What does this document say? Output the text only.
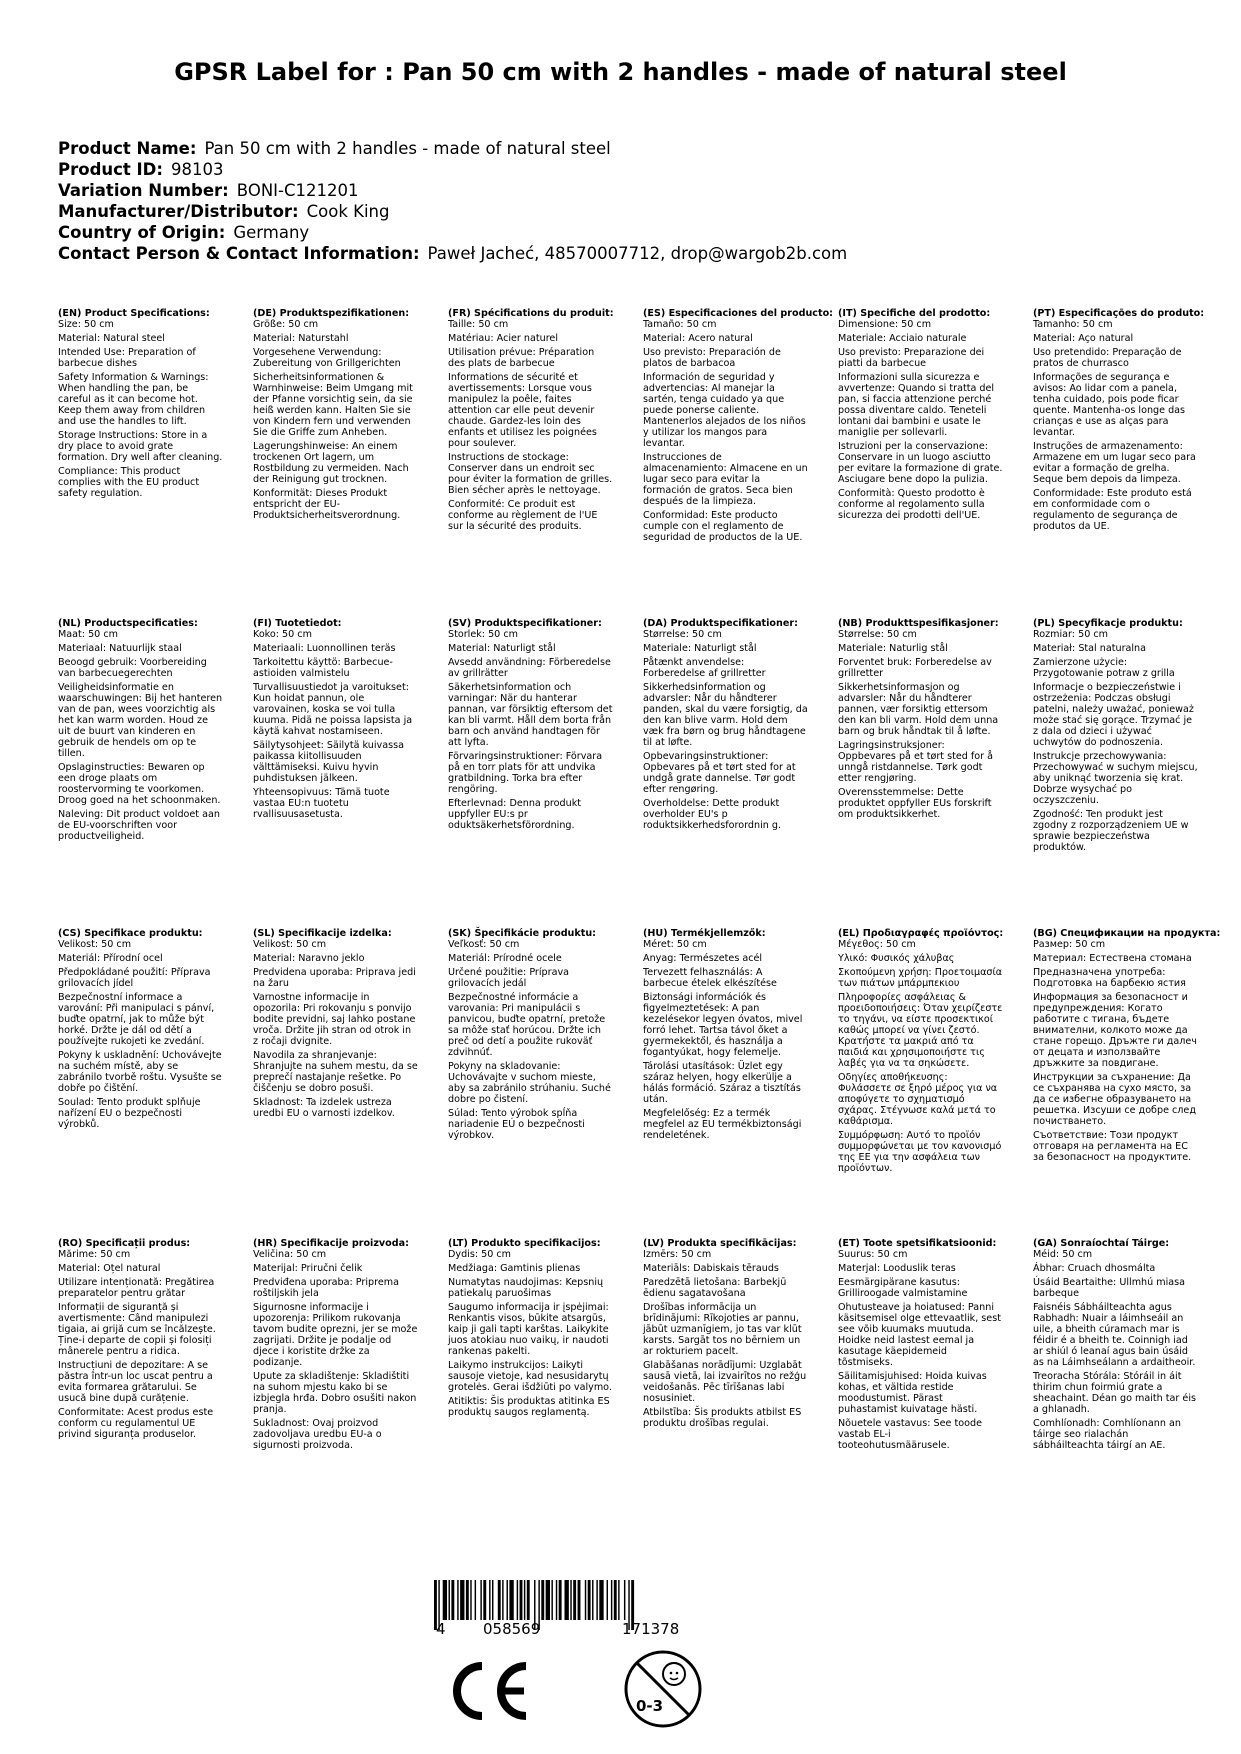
GPSR Label for : Pan 50 cm with 2 handles - made of natural steel
Product Name: Pan 50 cm with 2 handles - made of natural steel
Product ID: 98103
Variation Number: BONI-C121201
Manufacturer/Distributor: Cook King
Country of Origin: Germany
Contact Person & Contact Information: Paweł Jacheć, 48570007712, drop@wargob2b.com
(EN) Product Specifications:
Size: 50 cm
Material: Natural steel
Intended Use: Preparation of barbecue dishes
Safety Information & Warnings: When handling the pan, be careful as it can become hot. Keep them away from children and use the handles to lift.
Storage Instructions: Store in a dry place to avoid grate formation. Dry well after cleaning.
Compliance: This product complies with the EU product safety regulation.
(DE) Produktspezifikationen:
Größe: 50 cm
Material: Naturstahl
Vorgesehene Verwendung: Zubereitung von Grillgerichten
Sicherheitsinformationen & Warnhinweise: Beim Umgang mit der Pfanne vorsichtig sein, da sie heiß werden kann. Halten Sie sie von Kindern fern und verwenden Sie die Griffe zum Anheben.
Lagerungshinweise: An einem trockenen Ort lagern, um Rostbildung zu vermeiden. Nach der Reinigung gut trocknen.
Konformität: Dieses Produkt entspricht der EU-Produktsicherheitsverordnung.
(FR) Spécifications du produit:
Taille: 50 cm
Matériau: Acier naturel
Utilisation prévue: Préparation des plats de barbecue
Informations de sécurité et avertissements: Lorsque vous manipulez la poêle, faites attention car elle peut devenir chaude. Gardez-les loin des enfants et utilisez les poignées pour soulever.
Instructions de stockage: Conserver dans un endroit sec pour éviter la formation de grilles. Bien sécher après le nettoyage.
Conformité: Ce produit est conforme au règlement de l'UE sur la sécurité des produits.
(ES) Especificaciones del producto:
Tamaño: 50 cm
Material: Acero natural
Uso previsto: Preparación de platos de barbacoa
Información de seguridad y advertencias: Al manejar la sartén, tenga cuidado ya que puede ponerse caliente. Mantenerlos alejados de los niños y utilizar los mangos para levantar.
Instrucciones de almacenamiento: Almacene en un lugar seco para evitar la formación de gratos. Seca bien después de la limpieza.
Conformidad: Este producto cumple con el reglamento de seguridad de productos de la UE.
(IT) Specifiche del prodotto:
Dimensione: 50 cm
Materiale: Acciaio naturale
Uso previsto: Preparazione dei piatti da barbecue
Informazioni sulla sicurezza e avvertenze: Quando si tratta del pan, si faccia attenzione perché possa diventare caldo. Teneteli lontani dai bambini e usate le maniglie per sollevarli.
Istruzioni per la conservazione: Conservare in un luogo asciutto per evitare la formazione di grate. Asciugare bene dopo la pulizia.
Conformità: Questo prodotto è conforme al regolamento sulla sicurezza dei prodotti dell'UE.
(PT) Especificações do produto:
Tamanho: 50 cm
Material: Aço natural
Uso pretendido: Preparação de pratos de churrasco
Informações de segurança e avisos: Ao lidar com a panela, tenha cuidado, pois pode ficar quente. Mantenha-os longe das crianças e use as alças para levantar.
Instruções de armazenamento: Armazene em um lugar seco para evitar a formação de grelha. Seque bem depois da limpeza.
Conformidade: Este produto está em conformidade com o regulamento de segurança de produtos da UE.
(NL) Productspecificaties:
Maat: 50 cm
Materiaal: Natuurlijk staal
Beoogd gebruik: Voorbereiding van barbecuegerechten
Veiligheidsinformatie en waarschuwingen: Bij het hanteren van de pan, wees voorzichtig als het kan warm worden. Houd ze uit de buurt van kinderen en gebruik de hendels om op te tillen.
Opslaginstructies: Bewaren op een droge plaats om roostervorming te voorkomen. Droog goed na het schoonmaken.
Naleving: Dit product voldoet aan de EU-voorschriften voor productveiligheid.
(FI) Tuotetiedot:
Koko: 50 cm
Materiaali: Luonnollinen teräs
Tarkoitettu käyttö: Barbecue-astioiden valmistelu
Turvallisuustiedot ja varoitukset: Kun hoidat pannun, ole varovainen, koska se voi tulla kuuma. Pidä ne poissa lapsista ja käytä kahvat nostamiseen.
Säilytysohjeet: Säilytä kuivassa paikassa kiitollisuuden välttämiseksi. Kuivu hyvin puhdistuksen jälkeen.
Yhteensopivuus: Tämä tuote vastaa EU:n tuotetu rvallisuusasetusta.
(SV) Produktspecifikationer:
Storlek: 50 cm
Material: Naturligt stål
Avsedd användning: Förberedelse av grillrätter
Säkerhetsinformation och varningar: När du hanterar pannan, var försiktig eftersom det kan bli varmt. Håll dem borta från barn och använd handtagen för att lyfta.
Förvaringsinstruktioner: Förvara på en torr plats för att undvika gratbildning. Torka bra efter rengöring.
Efterlevnad: Denna produkt uppfyller EU:s pr oduktsäkerhetsförordning.
(DA) Produktspecifikationer:
Størrelse: 50 cm
Materiale: Naturligt stål
Påtænkt anvendelse: Forberedelse af grillretter
Sikkerhedsinformation og advarsler: Når du håndterer panden, skal du være forsigtig, da den kan blive varm. Hold dem væk fra børn og brug håndtagene til at løfte.
Opbevaringsinstruktioner: Opbevares på et tørt sted for at undgå grate dannelse. Tør godt efter rengøring.
Overholdelse: Dette produkt overholder EU's p roduktsikkerhedsforordnin g.
(NB) Produkttspesifikasjoner:
Størrelse: 50 cm
Materiale: Naturlig stål
Forventet bruk: Forberedelse av grillretter
Sikkerhetsinformasjon og advarsler: Når du håndterer pannen, vær forsiktig ettersom den kan bli varm. Hold dem unna barn og bruk håndtak til å løfte.
Lagringsinstruksjoner: Oppbevares på et tørt sted for å unngå ristdannelse. Tørk godt etter rengjøring.
Overensstemmelse: Dette produktet oppfyller EUs forskrift om produktsikkerhet.
(PL) Specyfikacje produktu:
Rozmiar: 50 cm
Materiał: Stal naturalna
Zamierzone użycie: Przygotowanie potraw z grilla
Informacje o bezpieczeństwie i ostrzeżenia: Podczas obsługi patelni, należy uważać, ponieważ może stać się gorące. Trzymać je z dala od dzieci i używać uchwytów do podnoszenia.
Instrukcje przechowywania: Przechowywać w suchym miejscu, aby uniknąć tworzenia się krat. Dobrze wysychać po oczyszczeniu.
Zgodność: Ten produkt jest zgodny z rozporządzeniem UE w sprawie bezpieczeństwa produktów.
(CS) Specifikace produktu:
Velikost: 50 cm
Materiál: Přírodní ocel
Předpokládané použití: Příprava grilovacích jídel
Bezpečnostní informace a varování: Při manipulaci s pánví, buďte opatrní, jak to může být horké. Držte je dál od dětí a používejte rukojeti ke zvedání.
Pokyny k uskladnění: Uchovávejte na suchém místě, aby se zabránilo tvorbě roštu. Vysušte se dobře po čištění.
Soulad: Tento produkt splňuje nařízení EU o bezpečnosti výrobků.
(SL) Specifikacije izdelka:
Velikost: 50 cm
Material: Naravno jeklo
Predvidena uporaba: Priprava jedi na žaru
Varnostne informacije in opozorila: Pri rokovanju s ponvijo bodite previdni, saj lahko postane vroča. Držite jih stran od otrok in z ročaji dvignite.
Navodila za shranjevanje: Shranjujte na suhem mestu, da se preprečí nastajanje rešetke. Po čiščenju se dobro posuši.
Skladnost: Ta izdelek ustreza uredbi EU o varnosti izdelkov.
(SK) Špecifikácie produktu:
Veľkosť: 50 cm
Materiál: Prírodné ocele
Určené použitie: Príprava grilovacích jedál
Bezpečnostné informácie a varovania: Pri manipulácii s panvicou, buďte opatrní, pretože sa môže stať horúcou. Držte ich preč od detí a použite rukoväť zdvihnúť.
Pokyny na skladovanie: Uchovávajte v suchom mieste, aby sa zabránilo strúhaniu. Suché dobre po čistení.
Súlad: Tento výrobok spĺňa nariadenie EÚ o bezpečnosti výrobkov.
(HU) Termékjellemzők:
Méret: 50 cm
Anyag: Természetes acél
Tervezett felhasználás: A barbecue ételek elkészítése
Biztonsági információk és figyelmeztetések: A pan kezelésekor legyen óvatos, mivel forró lehet. Tartsa távol őket a gyermekektől, és használja a fogantyúkat, hogy felemelje.
Tárolási utasítások: Üzlet egy száraz helyen, hogy elkerülje a hálás formáció. Száraz a tisztítás után.
Megfelelőség: Ez a termék megfelel az EU termékbiztonsági rendeletének.
(EL) Προδιαγραφές προϊόντος:
Μέγεθος: 50 cm
Υλικό: Φυσικός χάλυβας
Σκοπούμενη χρήση: Προετοιμασία των πιάτων μπάρμπεκιου
Πληροφορίες ασφάλειας & προειδοποιήσεις: Όταν χειρίζεστε το τηγάνι, να είστε προσεκτικοί καθώς μπορεί να γίνει ζεστό. Κρατήστε τα μακριά από τα παιδιά και χρησιμοποιήστε τις λαβές για να τα σηκώσετε.
Οδηγίες αποθήκευσης: Φυλάσσετε σε ξηρό μέρος για να αποφύγετε το σχηματισμό σχάρας. Στέγνωσε καλά μετά το καθάρισμα.
Συμμόρφωση: Αυτό το προϊόν συμμορφώνεται με τον κανονισμό της ΕΕ για την ασφάλεια των προϊόντων.
(BG) Спецификации на продукта:
Размер: 50 cm
Материал: Естествена стомана
Предназначена употреба: Подготовка на барбекю ястия
Информация за безопасност и предупреждения: Когато работите с тигана, бъдете внимателни, колкото може да стане горещо. Дръжте ги далеч от децата и използвайте дръжките за повдигане.
Инструкции за съхранение: Да се съхранява на сухо място, за да се избегне образуването на решетка. Изсуши се добре след почистването.
Съответствие: Този продукт отговаря на регламента на ЕС за безопасност на продуктите.
(RO) Specificații produs:
Mărime: 50 cm
Material: Oțel natural
Utilizare intenționată: Pregătirea preparatelor pentru grătar
Informații de siguranță și avertismente: Când manipulezi tigaia, ai grijă cum se încălzește. Ține-i departe de copii și folosiți mânerele pentru a ridica.
Instrucțiuni de depozitare: A se păstra într-un loc uscat pentru a evita formarea grătarului. Se usucă bine după curățenie.
Conformitate: Acest produs este conform cu regulamentul UE privind siguranța produselor.
(HR) Specifikacije proizvoda:
Veličina: 50 cm
Materijal: Priručni čelik
Predviđena uporaba: Priprema roštiljskih jela
Sigurnosne informacije i upozorenja: Prilikom rukovanja tavom budite oprezni, jer se može zagrijati. Držite je podalje od djece i koristite držke za podizanje.
Upute za skladištenje: Skladištiti na suhom mjestu kako bi se izbjegla hrđa. Dobro osušiti nakon pranja.
Sukladnost: Ovaj proizvod zadovoljava uredbu EU-a o sigurnosti proizvoda.
(LT) Produkto specifikacijos:
Dydis: 50 cm
Medžiaga: Gamtinis plienas
Numatytas naudojimas: Kepsnių patiekalų paruošimas
Saugumo informacija ir įspėjimai: Renkantis visos, būkite atsargūs, kaip ji gali tapti karštas. Laikykite juos atokiau nuo vaikų, ir naudoti rankenas pakelti.
Laikymo instrukcijos: Laikyti sausoje vietoje, kad nesusidarytų grotelės. Gerai išdžiūti po valymo.
Atitiktis: Šis produktas atitinka ES produktų saugos reglamentą.
(LV) Produkta specifikācijas:
Izmērs: 50 cm
Materiāls: Dabiskais tērauds
Paredzētā lietošana: Barbekjū ēdienu sagatavošana
Drošības informācija un brīdinājumi: Rīkojoties ar pannu, jābūt uzmanīgiem, jo tas var klūt karsts. Sargāt tos no bērniem un ar rokturiem pacelt.
Glabāšanas norādījumi: Uzglabāt sausā vietā, lai izvairītos no režģu veidošanās. Pēc tīrīšanas labi nosusiniet.
Atbilstība: Šis produkts atbilst ES produktu drošības regulai.
(ET) Toote spetsifikatsioonid:
Suurus: 50 cm
Materjal: Looduslik teras
Eesmärgipärane kasutus: Grilliroogade valmistamine
Ohutusteave ja hoiatused: Panni käsitsemisel olge ettevaatlik, sest see võib kuumaks muutuda. Hoidke neid lastest eemal ja kasutage käepidemeid tõstmiseks.
Säilitamisjuhised: Hoida kuivas kohas, et vältida restide moodustumist. Pärast puhastamist kuivatage hästi.
Nõuetele vastavus: See toode vastab EL-i tooteohutusmäärusele.
(GA) Sonraíochtaí Táirge:
Méid: 50 cm
Ábhar: Cruach dhosmálta
Úsáid Beartaithe: Ullmhú miasa barbeque
Faisnéis Sábháilteachta agus Rabhadh: Nuair a láimhseáil an uile, a bheith cúramach mar is féidir é a bheith te. Coinnigh iad ar shiúl ó leanaí agus bain úsáid as na Láimhseálann a ardaitheoir.
Treoracha Stórála: Stóráil in áit thirim chun foirmiú grate a sheachaint. Déan go maith tar éis a ghlanadh.
Comhlíonadh: Comhlíonann an táirge seo rialachán sábháilteachta táirgí an AE.
4 058569	171378
0-3
